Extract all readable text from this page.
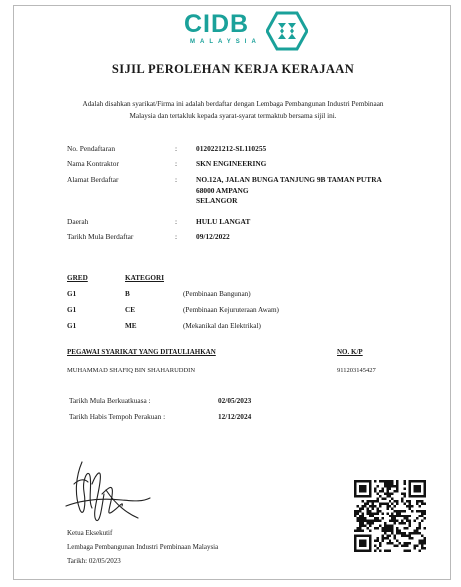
CIDB
MALAYSIA
SIJIL PEROLEHAN KERJA KERAJAAN
Adalah disahkan syarikat/Firma ini adalah berdaftar dengan Lembaga Pembangunan Industri Pembinaan
Malaysia dan tertakluk kepada syarat-syarat termaktub bersama sijil ini.
No. Pendaftaran	:	0120221212-SL110255
Nama Kontraktor	:	SKN ENGINEERING
Alamat Berdaftar	:	NO.12A, JALAN BUNGA TANJUNG 9B TAMAN PUTRA
68000 AMPANG
SELANGOR
Daerah	:	HULU LANGAT
Tarikh Mula Berdaftar	:	09/12/2022
GRED	KATEGORI
G1	B	(Pembinaan Bangunan)
G1	CE	(Pembinaan Kejuruteraan Awam)
G1	ME	(Mekanikal dan Elektrikal)
PEGAWAI SYARIKAT YANG DITAULIAHKAN	NO. K/P
MUHAMMAD SHAFIQ BIN SHAHARUDDIN	911203145427
Tarikh Mula Berkuatkuasa :	02/05/2023
Tarikh Habis Tempoh Perakuan :	12/12/2024
Ketua Eksekutif
Lembaga Pembangunan Industri Pembinaan Malaysia
Tarikh: 02/05/2023
